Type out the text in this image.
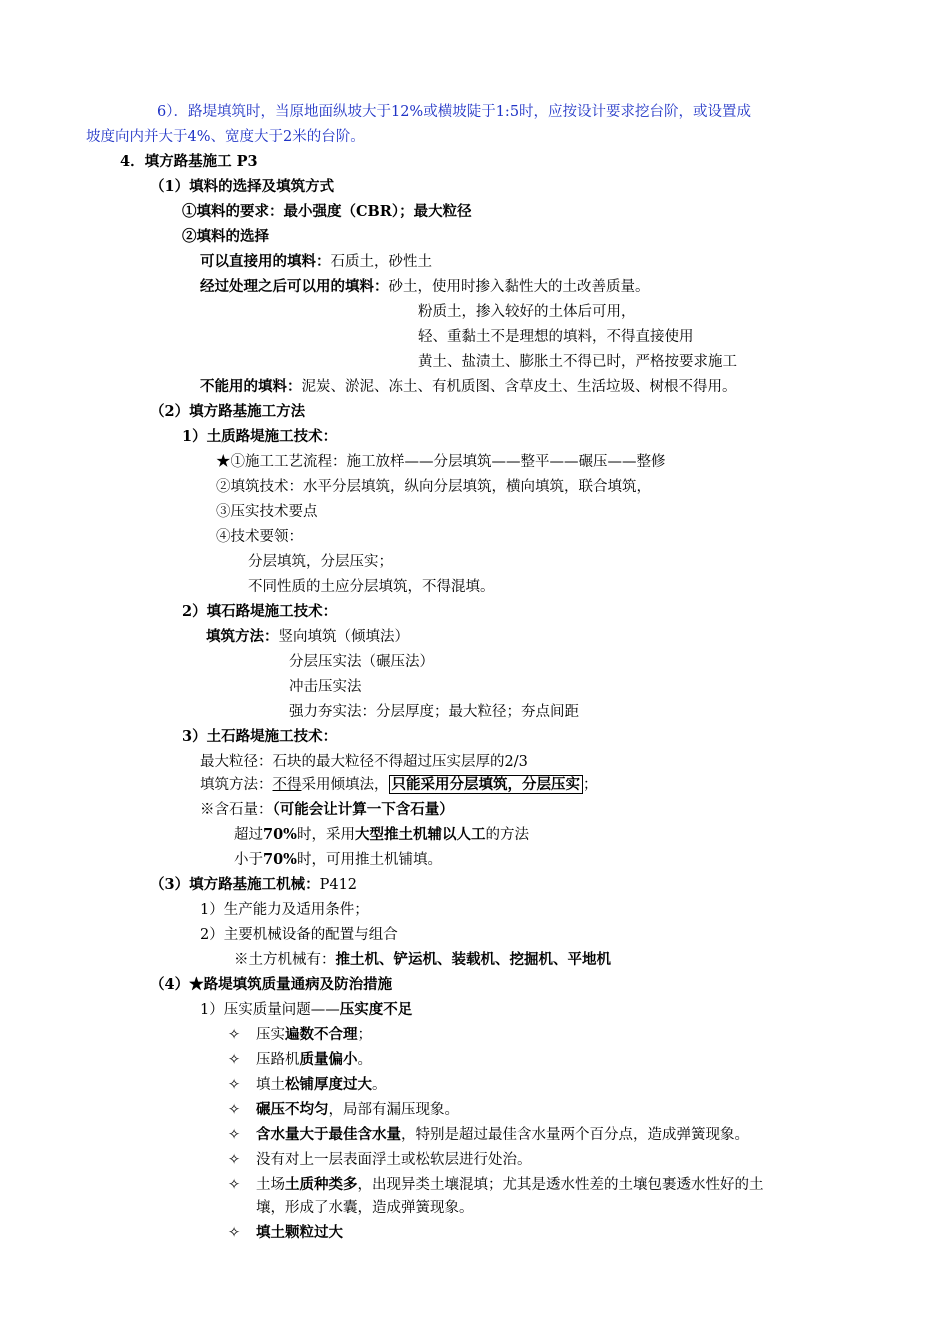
6）．路堤填筑时，当原地面纵坡大于12%或横坡陡于1:5时，应按设计要求挖台阶，或设置成
坡度向内并大于4%、宽度大于2米的台阶。
4．填方路基施工 P3
（1）填料的选择及填筑方式
①填料的要求：最小强度（CBR）；最大粒径
②填料的选择
可以直接用的填料：石质土，砂性土
经过处理之后可以用的填料：砂土，使用时掺入黏性大的土改善质量。
粉质土，掺入较好的土体后可用，
轻、重黏土不是理想的填料，不得直接使用
黄土、盐渍土、膨胀土不得已时，严格按要求施工
不能用的填料：泥炭、淤泥、冻土、有机质图、含草皮土、生活垃圾、树根不得用。
（2）填方路基施工方法
1）土质路堤施工技术：
★①施工工艺流程：施工放样——分层填筑——整平——碾压——整修
②填筑技术：水平分层填筑，纵向分层填筑，横向填筑，联合填筑，
③压实技术要点
④技术要领：
分层填筑，分层压实；
不同性质的土应分层填筑，不得混填。
2）填石路堤施工技术：
填筑方法：竖向填筑（倾填法）
分层压实法（碾压法）
冲击压实法
强力夯实法：分层厚度；最大粒径；夯点间距
3）土石路堤施工技术：
最大粒径：石块的最大粒径不得超过压实层厚的2/3
填筑方法：不得采用倾填法， 只能采用分层填筑，分层压实 ；
※含石量：（可能会让计算一下含石量）
超过70%时，采用大型推土机辅以人工的方法
小于70%时，可用推土机铺填。
（3）填方路基施工机械：P412
1）生产能力及适用条件；
2）主要机械设备的配置与组合
※土方机械有：推土机、铲运机、装载机、挖掘机、平地机
（4）★路堤填筑质量通病及防治措施
1）压实质量问题——压实度不足
✧ 压实遍数不合理；
✧ 压路机质量偏小。
✧ 填土松铺厚度过大。
✧ 碾压不均匀，局部有漏压现象。
✧ 含水量大于最佳含水量，特别是超过最佳含水量两个百分点，造成弹簧现象。
✧ 没有对上一层表面浮土或松软层进行处治。
✧ 土场土质种类多，出现异类土壤混填；尤其是透水性差的土壤包裹透水性好的土
壤，形成了水囊，造成弹簧现象。
✧ 填土颗粒过大
